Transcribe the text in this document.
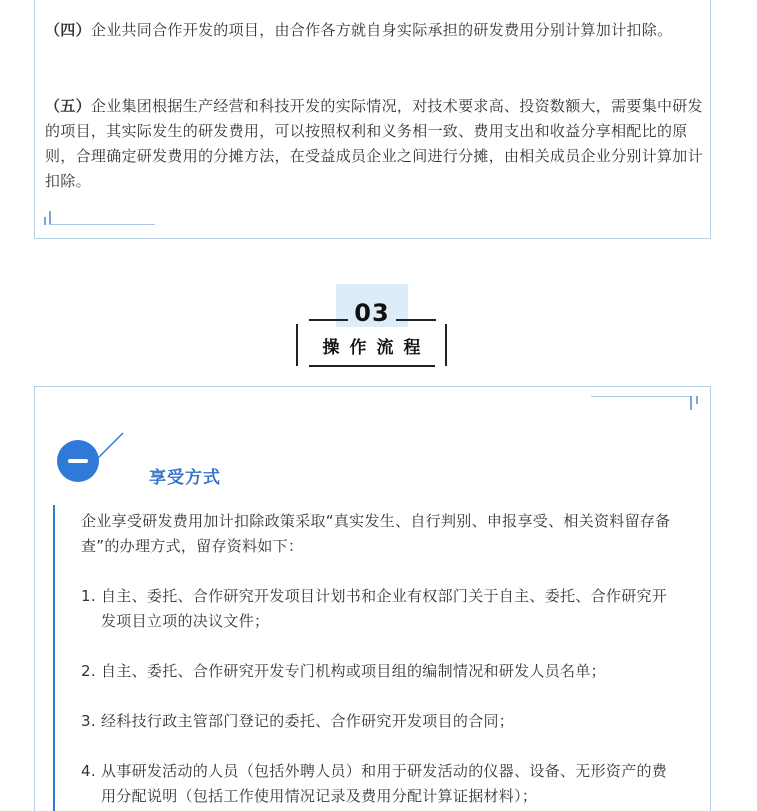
（四）企业共同合作开发的项目，由合作各方就自身实际承担的研发费用分别计算加计扣除。

（五）企业集团根据生产经营和科技开发的实际情况，对技术要求高、投资数额大，需要集中研发的项目，其实际发生的研发费用，可以按照权利和义务相一致、费用支出和收益分享相配比的原则，合理确定研发费用的分摊方法，在受益成员企业之间进行分摊，由相关成员企业分别计算加计扣除。

03
操作流程
享受方式

企业享受研发费用加计扣除政策采取“真实发生、自行判别、申报享受、相关资料留存备查”的办理方式，留存资料如下：

1. 自主、委托、合作研究开发项目计划书和企业有权部门关于自主、委托、合作研究开发项目立项的决议文件；
2. 自主、委托、合作研究开发专门机构或项目组的编制情况和研发人员名单；
3. 经科技行政主管部门登记的委托、合作研究开发项目的合同；
4. 从事研发活动的人员（包括外聘人员）和用于研发活动的仪器、设备、无形资产的费用分配说明（包括工作使用情况记录及费用分配计算证据材料）；
